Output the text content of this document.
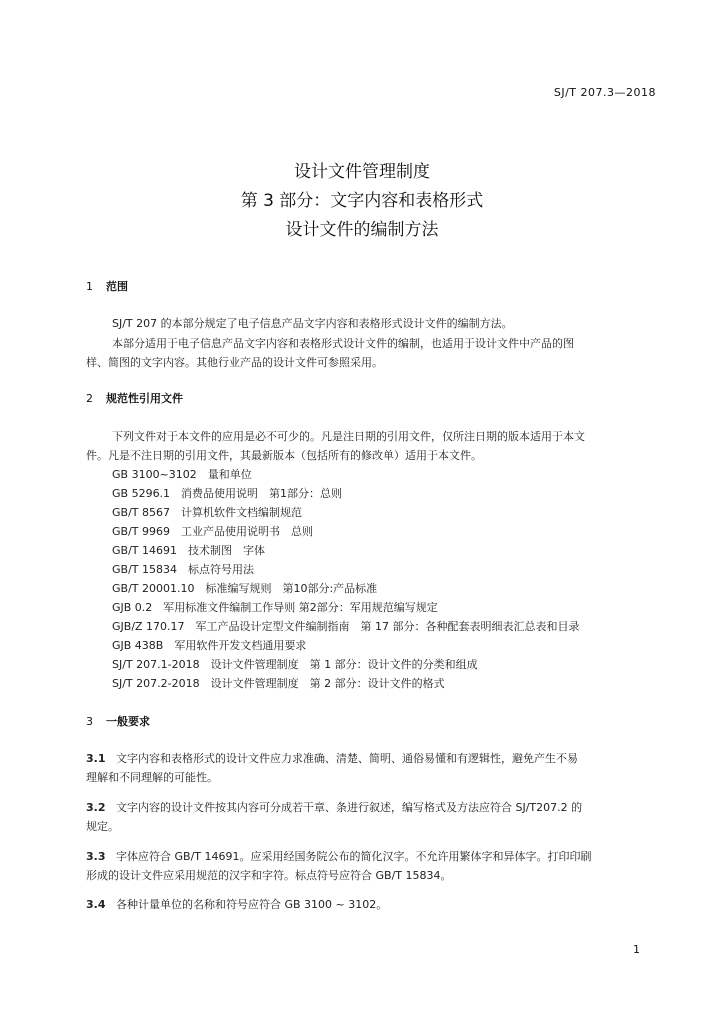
SJ/T 207.3—2018
设计文件管理制度
第 3 部分：文字内容和表格形式
设计文件的编制方法
1 范围
SJ/T 207 的本部分规定了电子信息产品文字内容和表格形式设计文件的编制方法。
本部分适用于电子信息产品文字内容和表格形式设计文件的编制，也适用于设计文件中产品的图
样、简图的文字内容。其他行业产品的设计文件可参照采用。
2 规范性引用文件
下列文件对于本文件的应用是必不可少的。凡是注日期的引用文件，仅所注日期的版本适用于本文
件。凡是不注日期的引用文件，其最新版本（包括所有的修改单）适用于本文件。
GB 3100~3102　量和单位
GB 5296.1　消费品使用说明　第1部分：总则
GB/T 8567　计算机软件文档编制规范
GB/T 9969　工业产品使用说明书　总则
GB/T 14691　技术制图　字体
GB/T 15834　标点符号用法
GB/T 20001.10　标准编写规则　第10部分:产品标准
GJB 0.2　军用标准文件编制工作导则 第2部分：军用规范编写规定
GJB/Z 170.17　军工产品设计定型文件编制指南　第 17 部分：各种配套表明细表汇总表和目录
GJB 438B　军用软件开发文档通用要求
SJ/T 207.1-2018　设计文件管理制度　第 1 部分：设计文件的分类和组成
SJ/T 207.2-2018　设计文件管理制度　第 2 部分：设计文件的格式
3 一般要求
3.1 文字内容和表格形式的设计文件应力求准确、清楚、简明、通俗易懂和有逻辑性，避免产生不易
理解和不同理解的可能性。
3.2 文字内容的设计文件按其内容可分成若干章、条进行叙述，编写格式及方法应符合 SJ/T207.2 的
规定。
3.3 字体应符合 GB/T 14691。应采用经国务院公布的简化汉字。不允许用繁体字和异体字。打印印刷
形成的设计文件应采用规范的汉字和字符。标点符号应符合 GB/T 15834。
3.4 各种计量单位的名称和符号应符合 GB 3100 ~ 3102。
1
